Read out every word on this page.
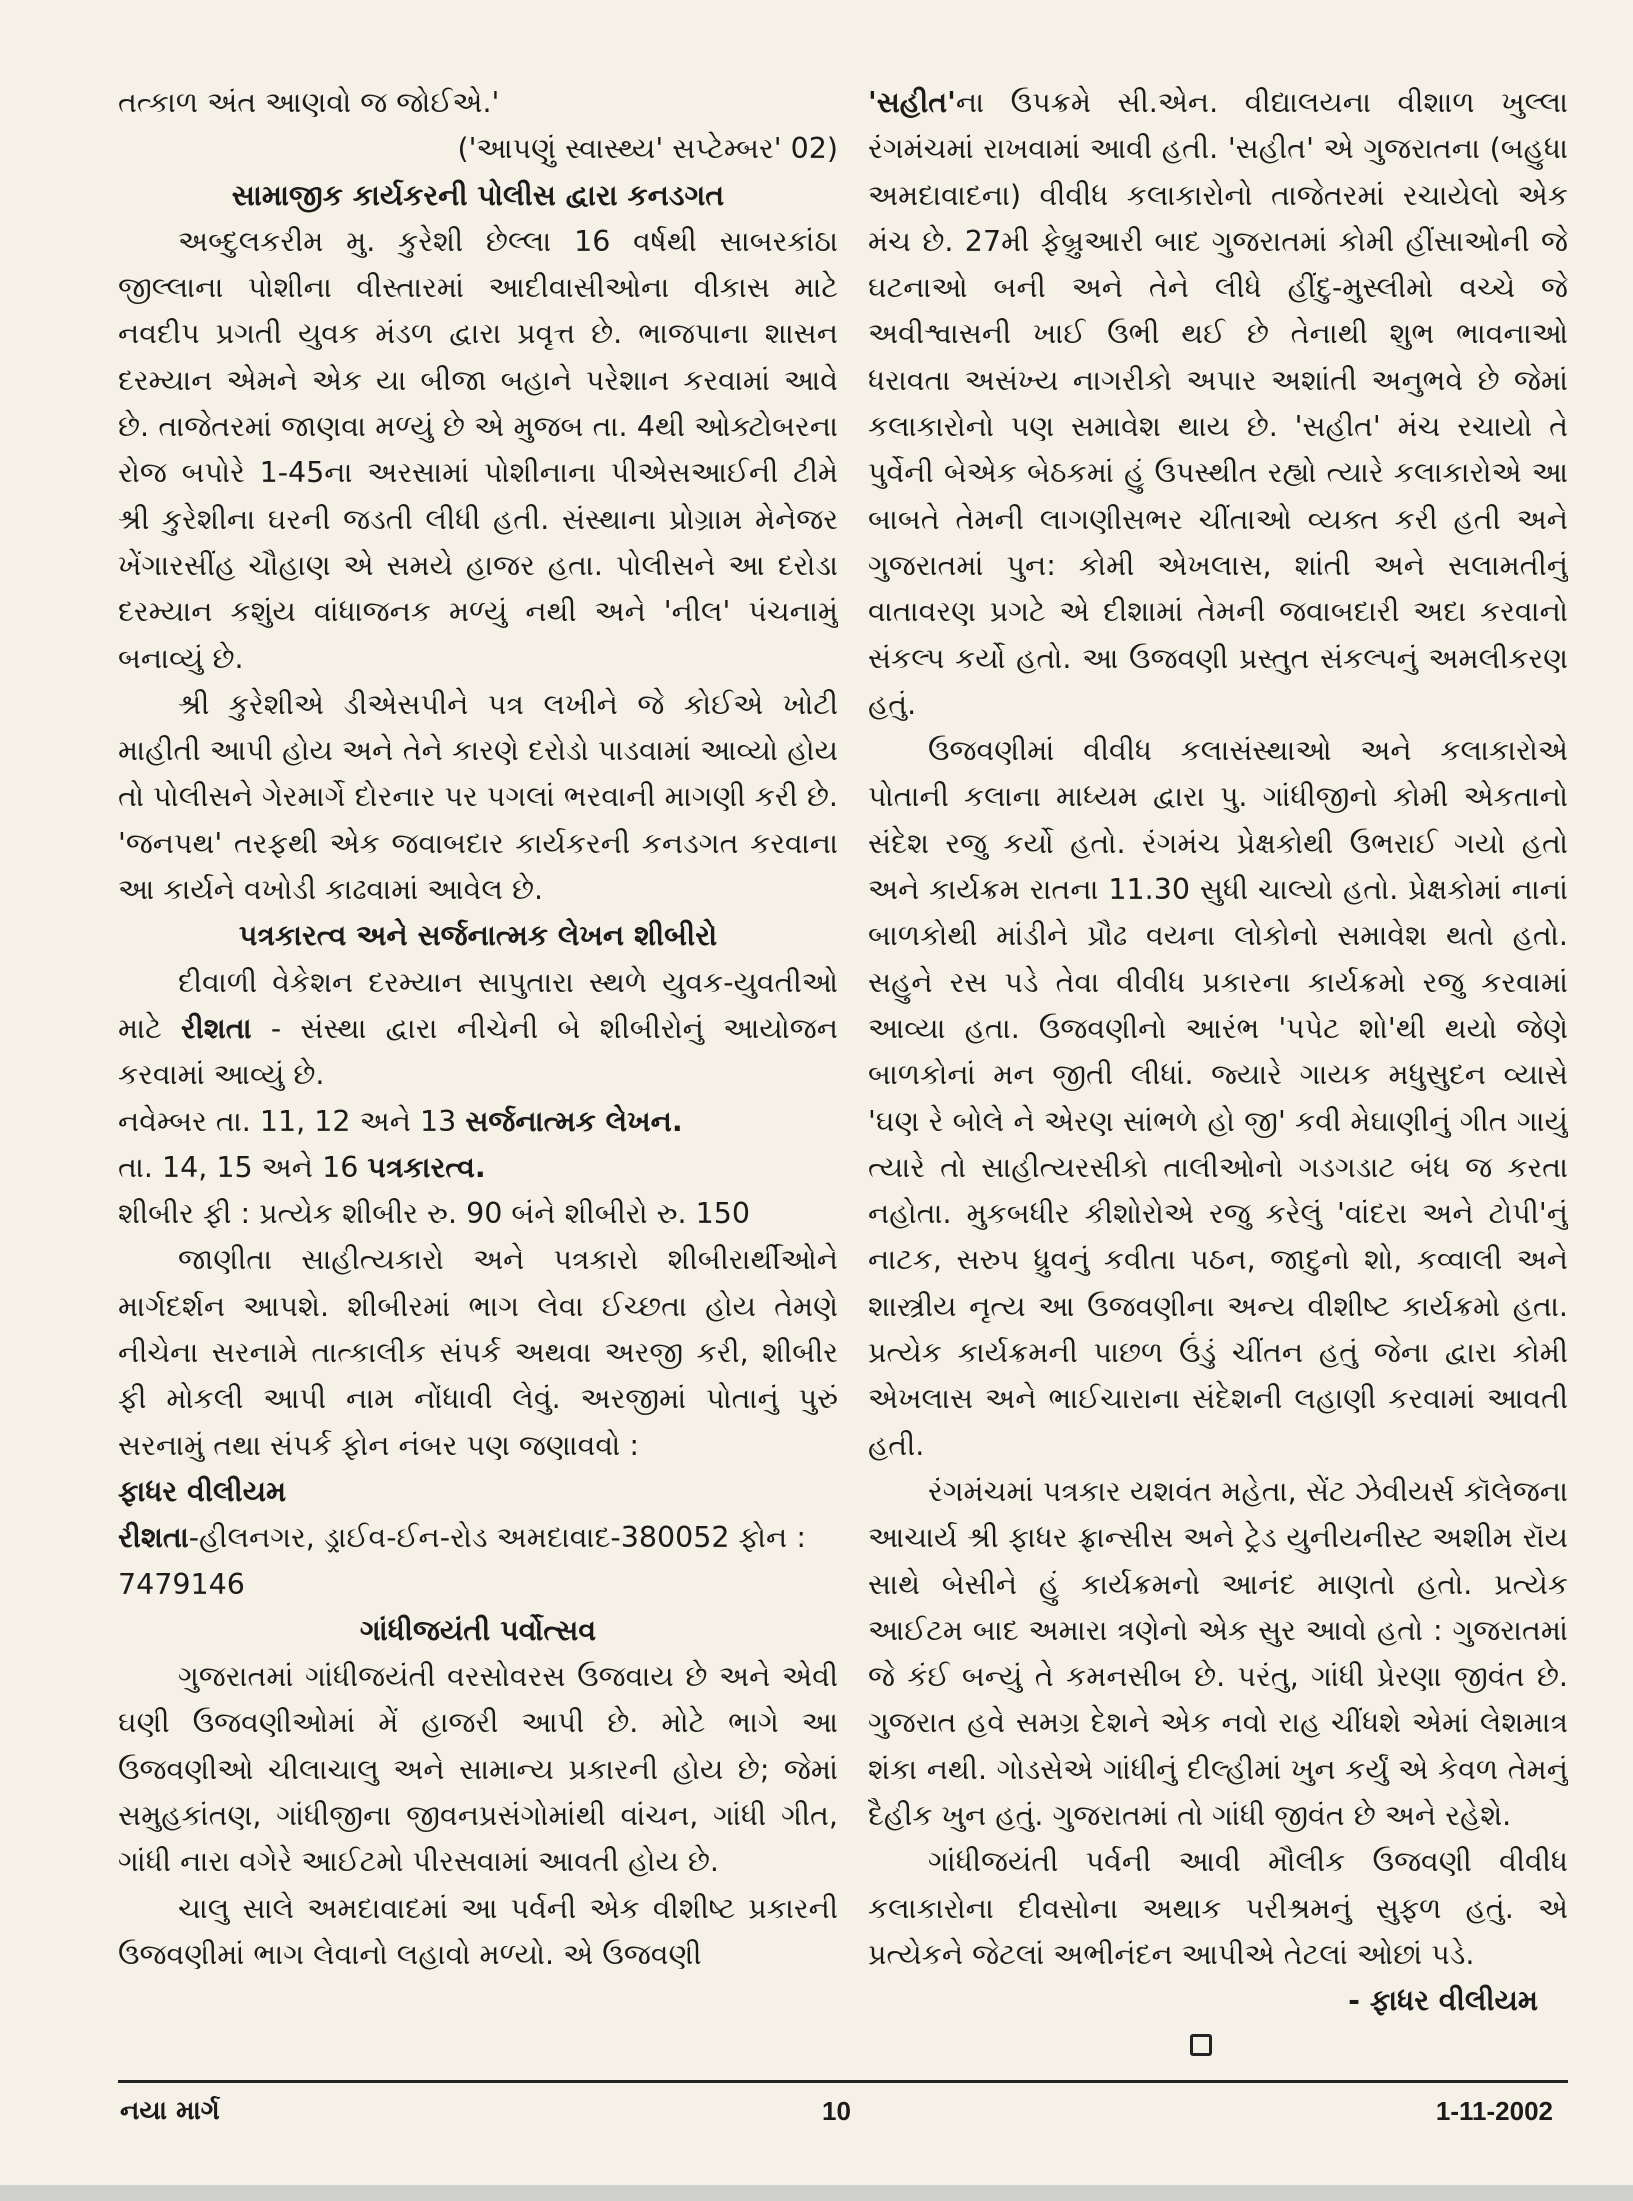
તત્કાળ અંત આણવો જ જોઈએ.'

('આપણું સ્વાસ્થ્ય' સપ્ટેમ્બર' 02)

સામાજીક કાર્યકરની પોલીસ દ્વારા કનડગત

અબ્દુલકરીમ મુ. કુરેશી છેલ્લા 16 વર્ષથી સાબરકાંઠા જીલ્લાના પોશીના વીસ્તારમાં આદીવાસીઓના વીકાસ માટે નવદીપ પ્રગતી યુવક મંડળ દ્વારા પ્રવૃત્ત છે. ભાજપાના શાસન દરમ્યાન એમને એક યા બીજા બહાને પરેશાન કરવામાં આવે છે. તાજેતરમાં જાણવા મળ્યું છે એ મુજબ તા. 4થી ઓક્ટોબરના રોજ બપોરે 1-45ના અરસામાં પોશીનાના પીએસઆઈની ટીમે શ્રી કુરેશીના ઘરની જડતી લીધી હતી. સંસ્થાના પ્રોગ્રામ મેનેજર ખેંગારસીંહ ચૌહાણ એ સમયે હાજર હતા. પોલીસને આ દરોડા દરમ્યાન કશુંય વાંધાજનક મળ્યું નથી અને 'નીલ' પંચનામું બનાવ્યું છે.

શ્રી કુરેશીએ ડીએસપીને પત્ર લખીને જે કોઈએ ખોટી માહીતી આપી હોય અને તેને કારણે દરોડો પાડવામાં આવ્યો હોય તો પોલીસને ગેરમાર્ગે દોરનાર પર પગલાં ભરવાની માગણી કરી છે. 'જનપથ' તરફથી એક જવાબદાર કાર્યકરની કનડગત કરવાના આ કાર્યને વખોડી કાઢવામાં આવેલ છે.

પત્રકારત્વ અને સર્જનાત્મક લેખન શીબીરો

દીવાળી વેકેશન દરમ્યાન સાપુતારા સ્થળે યુવક-યુવતીઓ માટે રીશતા - સંસ્થા દ્વારા નીચેની બે શીબીરોનું આયોજન કરવામાં આવ્યું છે.

નવેમ્બર તા. 11, 12 અને 13 સર્જનાત્મક લેખન.

તા. 14, 15 અને 16 પત્રકારત્વ.

શીબીર ફી : પ્રત્યેક શીબીર રુ. 90 બંને શીબીરો રુ. 150

જાણીતા સાહીત્યકારો અને પત્રકારો શીબીરાર્થીઓને માર્ગદર્શન આપશે. શીબીરમાં ભાગ લેવા ઈચ્છતા હોય તેમણે નીચેના સરનામે તાત્કાલીક સંપર્ક અથવા અરજી કરી, શીબીર ફી મોકલી આપી નામ નોંધાવી લેવું. અરજીમાં પોતાનું પુરું સરનામું તથા સંપર્ક ફોન નંબર પણ જણાવવો :

ફાધર વીલીયમ

રીશતા-હીલનગર, ડ્રાઈવ-ઈન-રોડ અમદાવાદ-380052 ફોન : 7479146

ગાંધીજયંતી પર્વોત્સવ

ગુજરાતમાં ગાંધીજયંતી વરસોવરસ ઉજવાય છે અને એવી ઘણી ઉજવણીઓમાં મેં હાજરી આપી છે. મોટે ભાગે આ ઉજવણીઓ ચીલાચાલુ અને સામાન્ય પ્રકારની હોય છે; જેમાં સમુહકાંતણ, ગાંધીજીના જીવનપ્રસંગોમાંથી વાંચન, ગાંધી ગીત, ગાંધી નારા વગેરે આઈટમો પીરસવામાં આવતી હોય છે.

ચાલુ સાલે અમદાવાદમાં આ પર્વની એક વીશીષ્ટ પ્રકારની ઉજવણીમાં ભાગ લેવાનો લહાવો મળ્યો. એ ઉજવણી

'સહીત'ના ઉપક્રમે સી.એન. વીદ્યાલયના વીશાળ ખુલ્લા રંગમંચમાં રાખવામાં આવી હતી. 'સહીત' એ ગુજરાતના (બહુધા અમદાવાદના) વીવીધ કલાકારોનો તાજેતરમાં રચાયેલો એક મંચ છે. 27મી ફેબ્રુઆરી બાદ ગુજરાતમાં કોમી હીંસાઓની જે ઘટનાઓ બની અને તેને લીધે હીંદુ-મુસ્લીમો વચ્ચે જે અવીશ્વાસની ખાઈ ઉભી થઈ છે તેનાથી શુભ ભાવનાઓ ધરાવતા અસંખ્ય નાગરીકો અપાર અશાંતી અનુભવે છે જેમાં કલાકારોનો પણ સમાવેશ થાય છે. 'સહીત' મંચ રચાયો તે પુર્વેની બેએક બેઠકમાં હું ઉપસ્થીત રહ્યો ત્યારે કલાકારોએ આ બાબતે તેમની લાગણીસભર ચીંતાઓ વ્યક્ત કરી હતી અને ગુજરાતમાં પુન: કોમી એખલાસ, શાંતી અને સલામતીનું વાતાવરણ પ્રગટે એ દીશામાં તેમની જવાબદારી અદા કરવાનો સંકલ્પ કર્યો હતો. આ ઉજવણી પ્રસ્તુત સંકલ્પનું અમલીકરણ હતું.

ઉજવણીમાં વીવીધ કલાસંસ્થાઓ અને કલાકારોએ પોતાની કલાના માધ્યમ દ્વારા પુ. ગાંધીજીનો કોમી એકતાનો સંદેશ રજુ કર્યો હતો. રંગમંચ પ્રેક્ષકોથી ઉભરાઈ ગયો હતો અને કાર્યક્રમ રાતના 11.30 સુધી ચાલ્યો હતો. પ્રેક્ષકોમાં નાનાં બાળકોથી માંડીને પ્રૌઢ વયના લોકોનો સમાવેશ થતો હતો. સહુને રસ પડે તેવા વીવીધ પ્રકારના કાર્યક્રમો રજુ કરવામાં આવ્યા હતા. ઉજવણીનો આરંભ 'પપેટ શો'થી થયો જેણે બાળકોનાં મન જીતી લીધાં. જ્યારે ગાયક મધુસુદન વ્યાસે 'ઘણ રે બોલે ને એરણ સાંભળે હો જી' કવી મેઘાણીનું ગીત ગાયું ત્યારે તો સાહીત્યરસીકો તાલીઓનો ગડગડાટ બંધ જ કરતા નહોતા. મુકબધીર કીશોરોએ રજુ કરેલું 'વાંદરા અને ટોપી'નું નાટક, સરુપ ધ્રુવનું કવીતા પઠન, જાદુનો શો, કવ્વાલી અને શાસ્ત્રીય નૃત્ય આ ઉજવણીના અન્ય વીશીષ્ટ કાર્યક્રમો હતા. પ્રત્યેક કાર્યક્રમની પાછળ ઉંડું ચીંતન હતું જેના દ્વારા કોમી એખલાસ અને ભાઈચારાના સંદેશની લહાણી કરવામાં આવતી હતી.

રંગમંચમાં પત્રકાર યશવંત મહેતા, સેંટ ઝેવીયર્સ કૉલેજના આચાર્ય શ્રી ફાધર ફ્રાન્સીસ અને ટ્રેડ યુનીયનીસ્ટ અશીમ રૉય સાથે બેસીને હું કાર્યક્રમનો આનંદ માણતો હતો. પ્રત્યેક આઈટમ બાદ અમારા ત્રણેનો એક સુર આવો હતો : ગુજરાતમાં જે કંઈ બન્યું તે કમનસીબ છે. પરંતુ, ગાંધી પ્રેરણા જીવંત છે. ગુજરાત હવે સમગ્ર દેશને એક નવો રાહ ચીંધશે એમાં લેશમાત્ર શંકા નથી. ગોડસેએ ગાંધીનું દીલ્હીમાં ખુન કર્યું એ કેવળ તેમનું દૈહીક ખુન હતું. ગુજરાતમાં તો ગાંધી જીવંત છે અને રહેશે.

ગાંધીજયંતી પર્વની આવી મૌલીક ઉજવણી વીવીધ કલાકારોના દીવસોના અથાક પરીશ્રમનું સુફળ હતું. એ પ્રત્યેકને જેટલાં અભીનંદન આપીએ તેટલાં ઓછાં પડે.

- ફાધર વીલીયમ

નયા માર્ગ	10	1-11-2002
